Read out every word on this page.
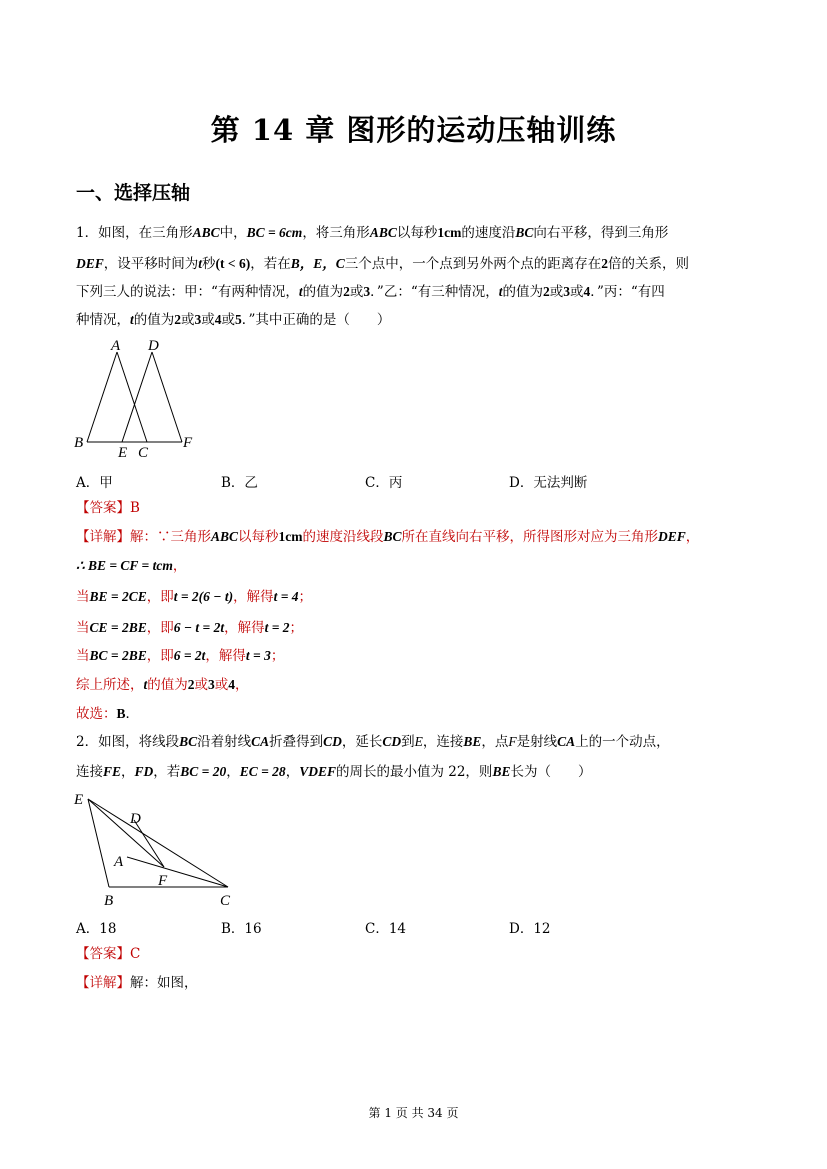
第 14 章 图形的运动压轴训练
一、选择压轴
1．如图，在三角形ABC中，BC = 6cm，将三角形ABC以每秒1cm的速度沿BC向右平移，得到三角形
DEF，设平移时间为t秒(t < 6)，若在B，E，C三个点中，一个点到另外两个点的距离存在2倍的关系，则
下列三人的说法：甲：“有两种情况，t的值为2或3．”乙：“有三种情况，t的值为2或3或4．”丙：“有四
种情况，t的值为2或3或4或5．”其中正确的是（　　）
A D
B
E C
F
A．甲	B．乙	C．丙	D．无法判断
【答案】B
【详解】解：∵三角形ABC以每秒1cm的速度沿线段BC所在直线向右平移，所得图形对应为三角形DEF，
∴ BE = CF = tcm，
当BE = 2CE，即t = 2(6 − t)，解得t = 4；
当CE = 2BE，即6 − t = 2t，解得t = 2；
当BC = 2BE，即6 = 2t，解得t = 3；
综上所述，t的值为2或3或4，
故选：B．
2．如图，将线段BC沿着射线CA折叠得到CD，延长CD到E，连接BE，点F是射线CA上的一个动点，
连接FE，FD，若BC = 20，EC = 28，VDEF的周长的最小值为 22，则BE长为（　　）
E
D
A
F
B	C
A．18	B．16	C．14	D．12
【答案】C
【详解】解：如图，
第 1 页 共 34 页
